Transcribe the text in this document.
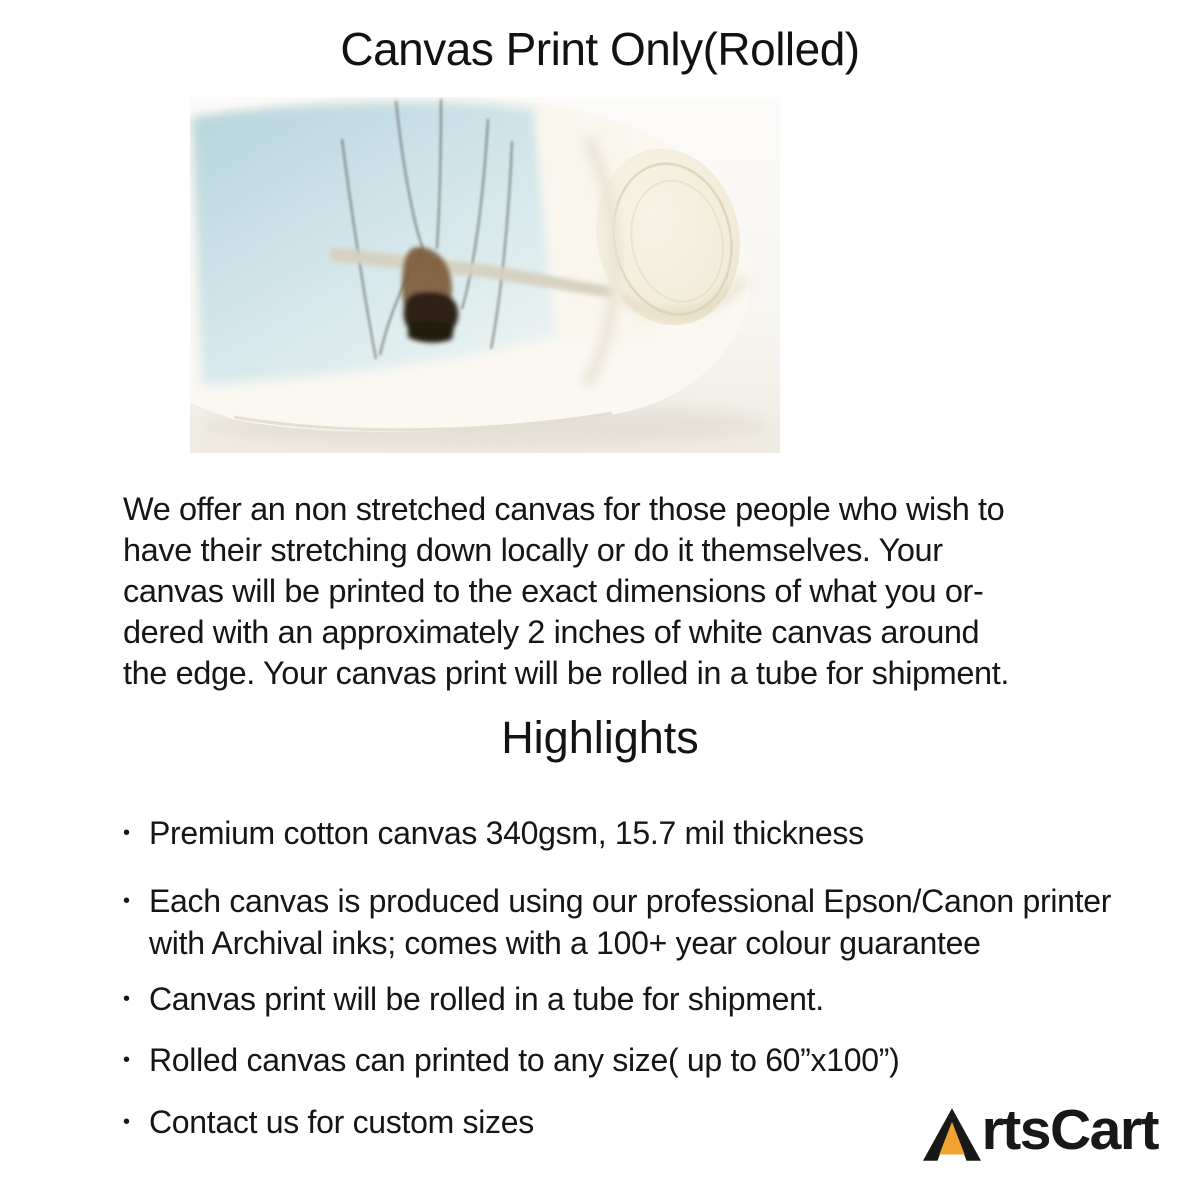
Canvas Print Only(Rolled)
We offer an non stretched canvas for those people who wish to
have their stretching down locally or do it themselves. Your
canvas will be printed to the exact dimensions of what you or-
dered with an approximately 2 inches of white canvas around
the edge. Your canvas print will be rolled in a tube for shipment.
Highlights
• Premium cotton canvas 340gsm, 15.7 mil thickness
• Each canvas is produced using our professional Epson/Canon printer
with Archival inks; comes with a 100+ year colour guarantee
• Canvas print will be rolled in a tube for shipment.
• Rolled canvas can printed to any size( up to 60”x100”)
• Contact us for custom sizes	rtsCart
